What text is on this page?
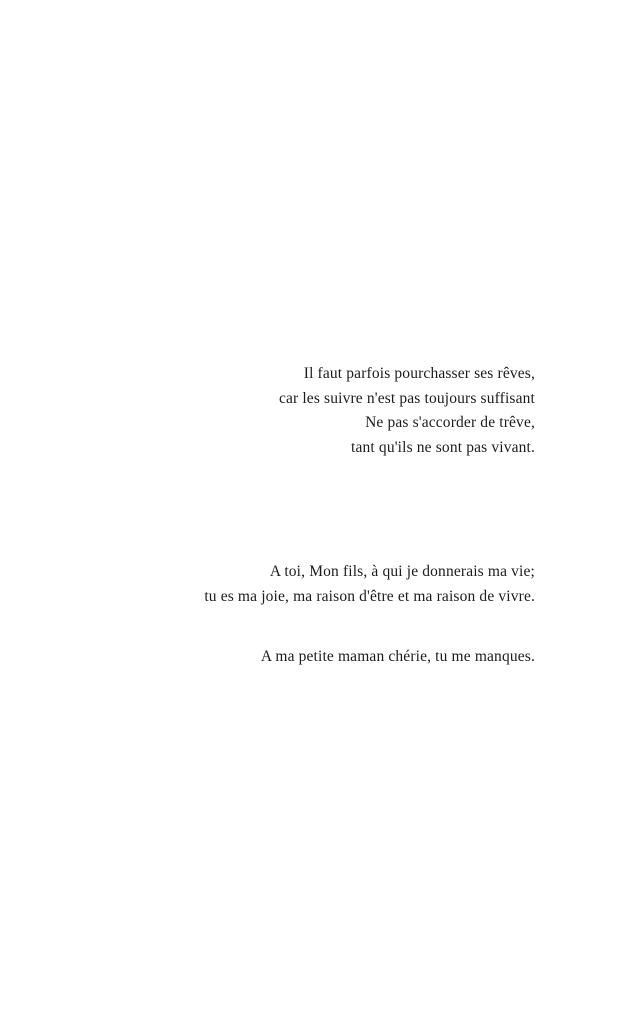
Il faut parfois pourchasser ses rêves,
car les suivre n'est pas toujours suffisant
Ne pas s'accorder de trêve,
tant qu'ils ne sont pas vivant.
A toi, Mon fils, à qui je donnerais ma vie;
tu es ma joie, ma raison d'être et ma raison de vivre.
A ma petite maman chérie, tu me manques.
